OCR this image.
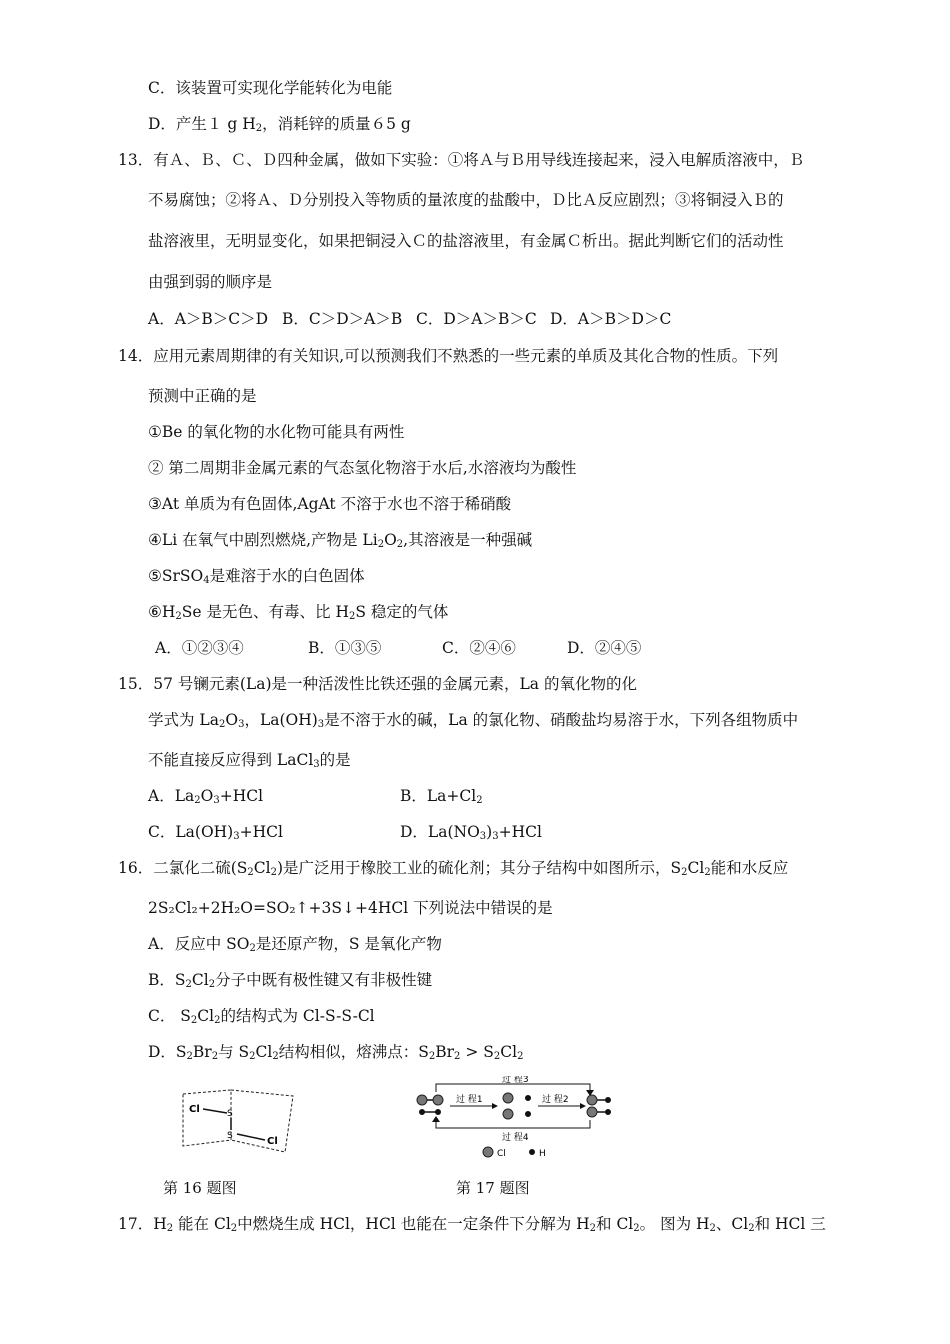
C．该装置可实现化学能转化为电能
D．产生１ g $H_2$，消耗锌的质量６5 g
13．有Ａ、Ｂ、Ｃ、Ｄ四种金属，做如下实验：①将Ａ与Ｂ用导线连接起来，浸入电解质溶液中，Ｂ
不易腐蚀；②将Ａ、Ｄ分别投入等物质的量浓度的盐酸中，Ｄ比Ａ反应剧烈；③将铜浸入Ｂ的
盐溶液里，无明显变化，如果把铜浸入Ｃ的盐溶液里，有金属Ｃ析出。据此判断它们的活动性
由强到弱的顺序是
A．A＞B＞C＞D B．C＞D＞A＞B C．D＞A＞B＞C D．A＞B＞D＞C
14．应用元素周期律的有关知识,可以预测我们不熟悉的一些元素的单质及其化合物的性质。下列
预测中正确的是
①Be 的氧化物的水化物可能具有两性
② 第二周期非金属元素的气态氢化物溶于水后,水溶液均为酸性
③At 单质为有色固体,AgAt 不溶于水也不溶于稀硝酸
④Li 在氧气中剧烈燃烧,产物是 $Li_2O_2$,其溶液是一种强碱
⑤SrSO$_4$是难溶于水的白色固体
$⑥H_2Se$ 是无色、有毒、比 $H_2S$ 稳定的气体
A．①②③④	B．①③⑤	C．②④⑥	D．②④⑤
15．57 号镧元素(La)是一种活泼性比铁还强的金属元素，La 的氧化物的化
学式为 $La_2O_3$，$La(OH)_3$是不溶于水的碱，La 的氯化物、硝酸盐均易溶于水，下列各组物质中
不能直接反应得到 LaCl$_3$的是
A．$La_2O_3+HCl$	B．$La+Cl_2$
C．$La(OH)_3+HCl$	D．$La(NO_3)_3+HCl$
16．二氯化二硫$(S_2Cl_2)$是广泛用于橡胶工业的硫化剂；其分子结构中如图所示，$S_2Cl_2$能和水反应
2S₂Cl₂+2H₂O=SO₂↑+3S↓+4HCl 下列说法中错误的是
A．反应中 $SO_2$是还原产物，S 是氧化产物
B．$S_2Cl_2$分子中既有极性键又有非极性键
C． $S_2Cl_2$的结构式为 Cl-S-S-Cl
D．$S_2Br_2$与 $S_2Cl_2$结构相似，熔沸点：$S_2Br_2 > S_2Cl_2$
Cl	S
S	Cl
过 程3
过 程4
过 程1	过 程2
Cl	H
第 16 题图	第 17 题图
17．$H_2$ 能在 $Cl_2$中燃烧生成 HCl，HCl 也能在一定条件下分解为 $H_2$和 $Cl_2$。 图为 $H_2$、$Cl_2$和 HCl 三
